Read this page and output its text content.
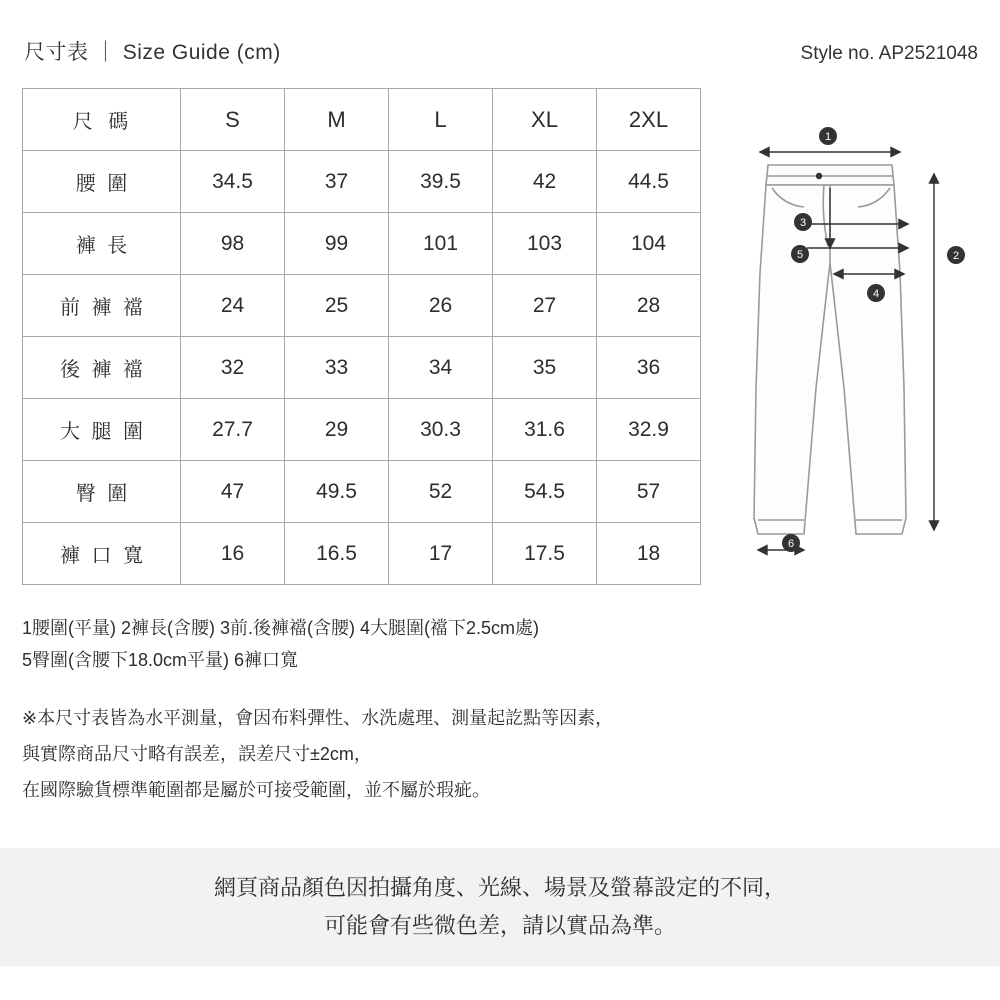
尺寸表 ｜ Size Guide (cm)	Style no. AP2521048
尺 碼	S	M	L	XL	2XL
腰 圍	34.5	37	39.5	42	44.5
褲 長	98	99	101	103	104
前 褲 襠	24	25	26	27	28
後 褲 襠	32	33	34	35	36
大 腿 圍	27.7	29	30.3	31.6	32.9
臀 圍	47	49.5	52	54.5	57
褲 口 寬	16	16.5	17	17.5	18
1
2
3
4
5
6
1腰圍(平量) 2褲長(含腰) 3前.後褲襠(含腰) 4大腿圍(襠下2.5cm處)
5臀圍(含腰下18.0cm平量) 6褲口寬
※本尺寸表皆為水平測量，會因布料彈性、水洗處理、測量起訖點等因素，
與實際商品尺寸略有誤差，誤差尺寸±2cm，
在國際驗貨標準範圍都是屬於可接受範圍，並不屬於瑕疵。
網頁商品顏色因拍攝角度、光線、場景及螢幕設定的不同，
可能會有些微色差，請以實品為準。
